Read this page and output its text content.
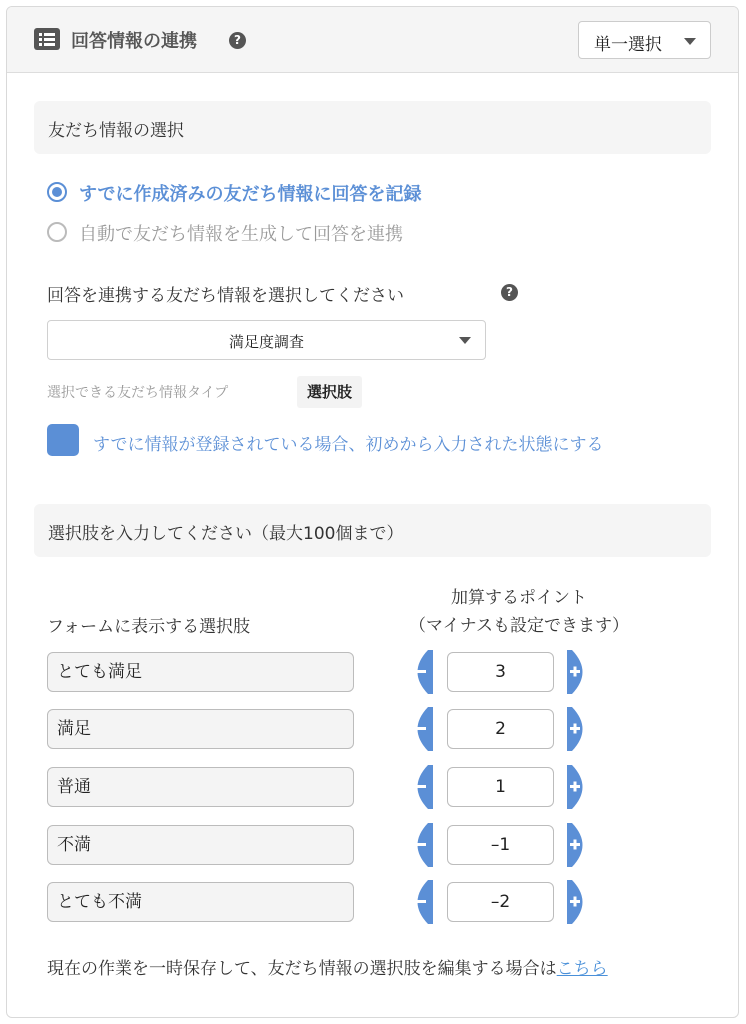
回答情報の連携	?	単一選択
友だち情報の選択
すでに作成済みの友だち情報に回答を記録
自動で友だち情報を生成して回答を連携
回答を連携する友だち情報を選択してください	?
満足度調査
選択できる友だち情報タイプ	選択肢
すでに情報が登録されている場合、初めから入力された状態にする
選択肢を入力してください（最大100個まで）
フォームに表示する選択肢
加算するポイント
（マイナスも設定できます）
とても満足	3
満足	2
普通	1
不満	–1
とても不満	–2
現在の作業を一時保存して、友だち情報の選択肢を編集する場合はこちら
